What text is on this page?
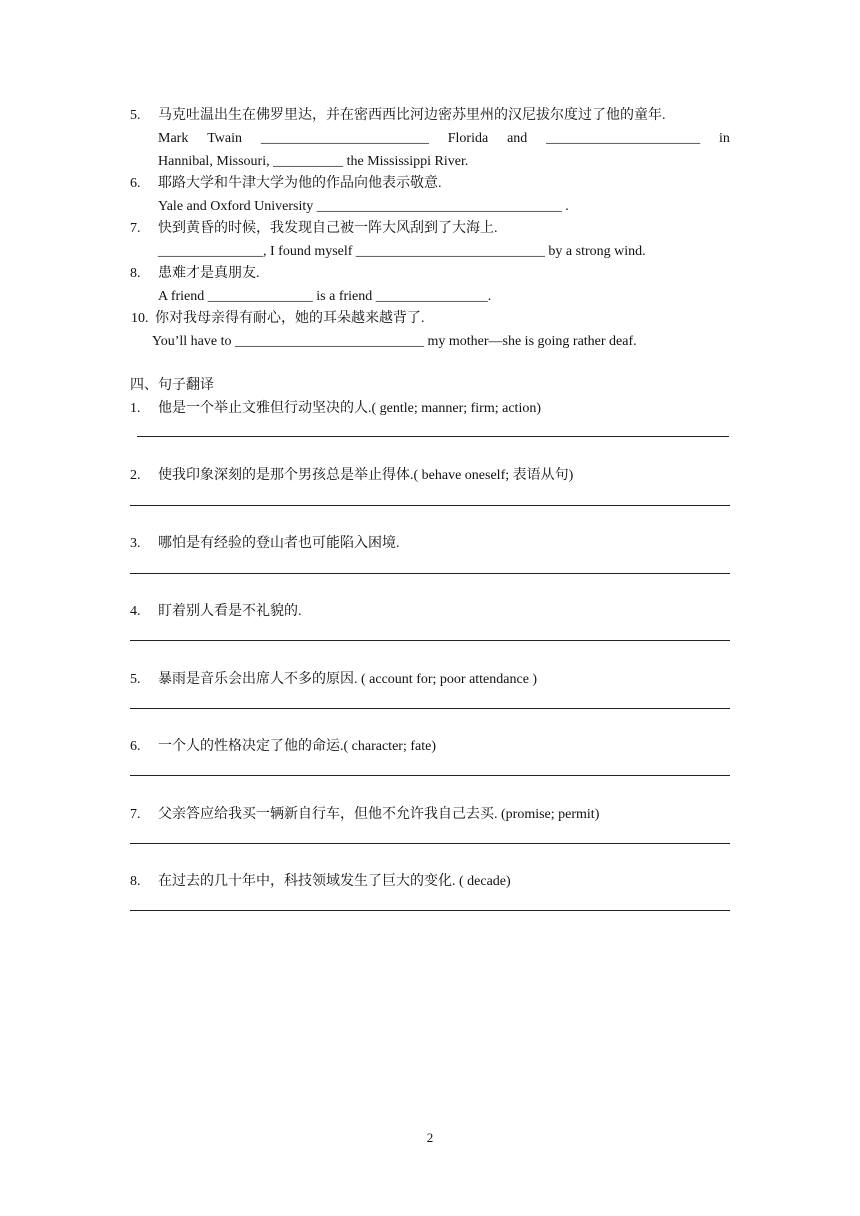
5. 马克吐温出生在佛罗里达，并在密西西比河边密苏里州的汉尼拔尔度过了他的童年.
Mark Twain ________________________ Florida and ______________________ in
Hannibal, Missouri, __________ the Mississippi River.
6. 耶路大学和牛津大学为他的作品向他表示敬意.
Yale and Oxford University ___________________________________ .
7. 快到黄昏的时候，我发现自己被一阵大风刮到了大海上.
_______________, I found myself ___________________________ by a strong wind.
8. 患难才是真朋友.
A friend _______________ is a friend ________________.
10. 你对我母亲得有耐心，她的耳朵越来越背了.
You’ll have to ___________________________ my mother—she is going rather deaf.
四、句子翻译
1. 他是一个举止文雅但行动坚决的人.( gentle; manner; firm; action)
2. 使我印象深刻的是那个男孩总是举止得体.( behave oneself; 表语从句)
3. 哪怕是有经验的登山者也可能陷入困境.
4. 盯着别人看是不礼貌的.
5. 暴雨是音乐会出席人不多的原因. ( account for; poor attendance )
6. 一个人的性格决定了他的命运.( character; fate)
7. 父亲答应给我买一辆新自行车，但他不允许我自己去买. (promise; permit)
8. 在过去的几十年中，科技领域发生了巨大的变化. ( decade)
2
